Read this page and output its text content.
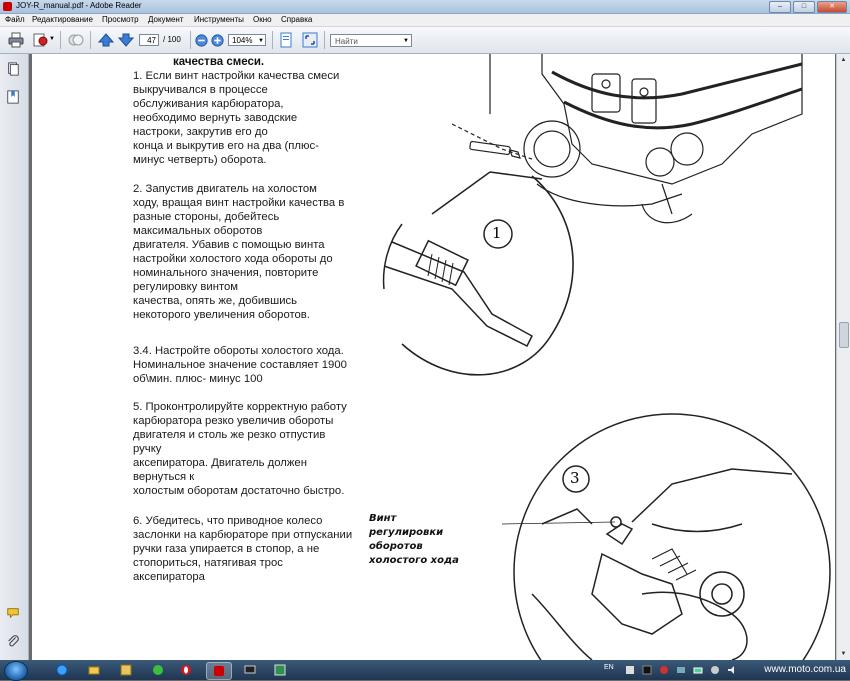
JOY-R_manual.pdf - Adobe Reader	–	□	✕
Файл Редактирование Просмотр Документ Инструменты Окно Справка
▼	47 / 100	104% ▼	Найти	▼
1
3
качества смеси.
1. Если винт настройки качества смеси
выкручивался в процессе
обслуживания карбюратора,
необходимо вернуть заводские
настроки, закрутив его до
конца и выкрутив его на два (плюс-
минус четверть) оборота.
2. Запустив двигатель на холостом
ходу, вращая винт настройки качества в
разные стороны, добейтесь
максимальных оборотов
двигателя. Убавив с помощью винта
настройки холостого хода обороты до
номинального значения, повторите
регулировку винтом
качества, опять же, добившись
некоторого увеличения оборотов.
3.4. Настройте обороты холостого хода.
Номинальное значение составляет 1900
об\мин. плюс- минус 100
5. Проконтролируйте корректную работу
карбюратора резко увеличив обороты
двигателя и столь же резко отпустив
ручку
аксепиратора. Двигатель должен
вернуться к
холостым оборотам достаточно быстро.
6. Убедитесь, что приводное колесо
заслонки на карбюраторе при отпускании
ручки газа упирается в стопор, а не
стопориться, натягивая трос
аксепиратора
Винт
регулировки
оборотов
холостого хода
▲
▼
EN	www.moto.com.ua
